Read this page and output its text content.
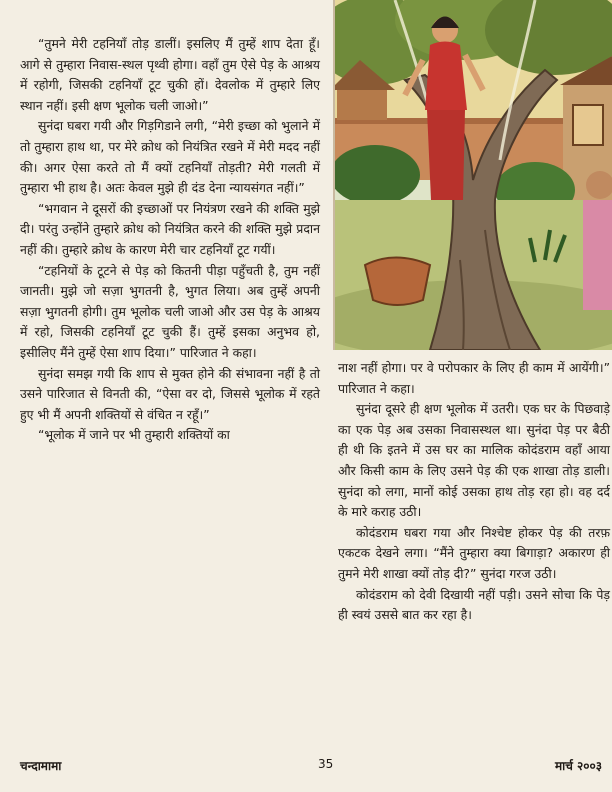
“तुमने मेरी टहनियाँ तोड़ डालीं। इसलिए मैं तुम्हें शाप देता हूँ। आगे से तुम्हारा निवास-स्थल पृथ्वी होगा। वहाँ तुम ऐसे पेड़ के आश्रय में रहोगी, जिसकी टहनियाँ टूट चुकी हों। देवलोक में तुम्हारे लिए स्थान नहीं। इसी क्षण भूलोक चली जाओ।”

सुनंदा घबरा गयी और गिड़गिडाने लगी, “मेरी इच्छा को भुलाने में तो तुम्हारा हाथ था, पर मेरे क्रोध को नियंत्रित रखने में मेरी मदद नहीं की। अगर ऐसा करते तो मैं क्यों टहनियाँ तोड़ती? मेरी गलती में तुम्हारा भी हाथ है। अतः केवल मुझे ही दंड देना न्यायसंगत नहीं।”

“भगवान ने दूसरों की इच्छाओं पर नियंत्रण रखने की शक्ति मुझे दी। परंतु उन्होंने तुम्हारे क्रोध को नियंत्रित करने की शक्ति मुझे प्रदान नहीं की। तुम्हारे क्रोध के कारण मेरी चार टहनियाँ टूट गयीं।

“टहनियों के टूटने से पेड़ को कितनी पीड़ा पहुँचती है, तुम नहीं जानती। मुझे जो सज़ा भुगतनी है, भुगत लिया। अब तुम्हें अपनी सज़ा भुगतनी होगी। तुम भूलोक चली जाओ और उस पेड़ के आश्रय में रहो, जिसकी टहनियाँ टूट चुकी हैं। तुम्हें इसका अनुभव हो, इसीलिए मैंने तुम्हें ऐसा शाप दिया।” पारिजात ने कहा।

सुनंदा समझ गयी कि शाप से मुक्त होने की संभावना नहीं है तो उसने पारिजात से विनती की, “ऐसा वर दो, जिससे भूलोक में रहते हुए भी मैं अपनी शक्तियों से वंचित न रहूँ।”

“भूलोक में जाने पर भी तुम्हारी शक्तियों का

नाश नहीं होगा। पर वे परोपकार के लिए ही काम में आयेंगी।” पारिजात ने कहा।

सुनंदा दूसरे ही क्षण भूलोक में उतरी। एक घर के पिछवाड़े का एक पेड़ अब उसका निवासस्थल था। सुनंदा पेड़ पर बैठी ही थी कि इतने में उस घर का मालिक कोदंडराम वहाँ आया और किसी काम के लिए उसने पेड़ की एक शाखा तोड़ डाली। सुनंदा को लगा, मानों कोई उसका हाथ तोड़ रहा हो। वह दर्द के मारे कराह उठी।

कोदंडराम घबरा गया और निश्चेष्ट होकर पेड़ की तरफ़ एकटक देखने लगा। “मैंने तुम्हारा क्या बिगाड़ा? अकारण ही तुमने मेरी शाखा क्यों तोड़ दी?” सुनंदा गरज उठी।

कोदंडराम को देवी दिखायी नहीं पड़ी। उसने सोचा कि पेड़ ही स्वयं उससे बात कर रहा है।

चन्दामामा	35	मार्च २००३
